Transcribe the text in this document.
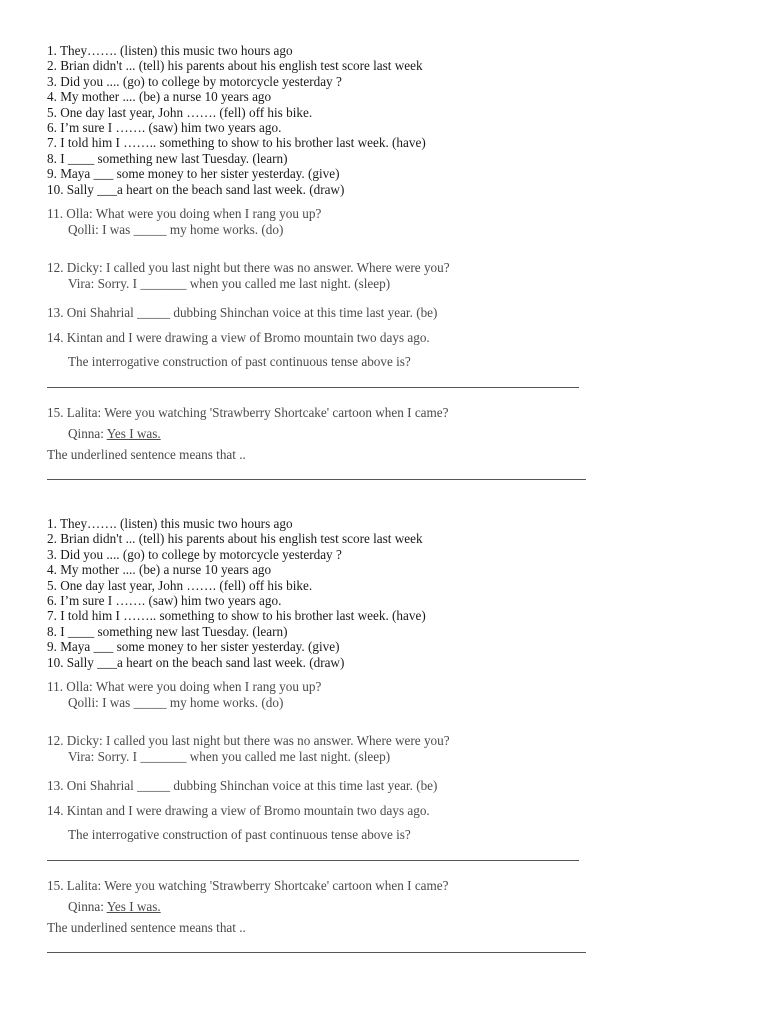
1. They……. (listen) this music two hours ago
2. Brian didn't ... (tell) his parents about his english test score last week
3. Did you .... (go) to college by motorcycle yesterday ?
4. My mother .... (be) a nurse 10 years ago
5. One day last year, John ……. (fell) off his bike.
6. I’m sure I ……. (saw) him two years ago.
7. I told him I …….. something to show to his brother last week. (have)
8. I ____ something new last Tuesday. (learn)
9. Maya ___ some money to her sister yesterday. (give)
10. Sally ___a heart on the beach sand last week. (draw)
11. Olla: What were you doing when I rang you up?
Qolli: I was _____ my home works. (do)
12. Dicky: I called you last night but there was no answer. Where were you?
Vira: Sorry. I _______ when you called me last night. (sleep)
13. Oni Shahrial _____ dubbing Shinchan voice at this time last year. (be)
14. Kintan and I were drawing a view of Bromo mountain two days ago.
The interrogative construction of past continuous tense above is?
15. Lalita: Were you watching 'Strawberry Shortcake' cartoon when I came?
Qinna: Yes I was.
The underlined sentence means that ..
1. They……. (listen) this music two hours ago
2. Brian didn't ... (tell) his parents about his english test score last week
3. Did you .... (go) to college by motorcycle yesterday ?
4. My mother .... (be) a nurse 10 years ago
5. One day last year, John ……. (fell) off his bike.
6. I’m sure I ……. (saw) him two years ago.
7. I told him I …….. something to show to his brother last week. (have)
8. I ____ something new last Tuesday. (learn)
9. Maya ___ some money to her sister yesterday. (give)
10. Sally ___a heart on the beach sand last week. (draw)
11. Olla: What were you doing when I rang you up?
Qolli: I was _____ my home works. (do)
12. Dicky: I called you last night but there was no answer. Where were you?
Vira: Sorry. I _______ when you called me last night. (sleep)
13. Oni Shahrial _____ dubbing Shinchan voice at this time last year. (be)
14. Kintan and I were drawing a view of Bromo mountain two days ago.
The interrogative construction of past continuous tense above is?
15. Lalita: Were you watching 'Strawberry Shortcake' cartoon when I came?
Qinna: Yes I was.
The underlined sentence means that ..
